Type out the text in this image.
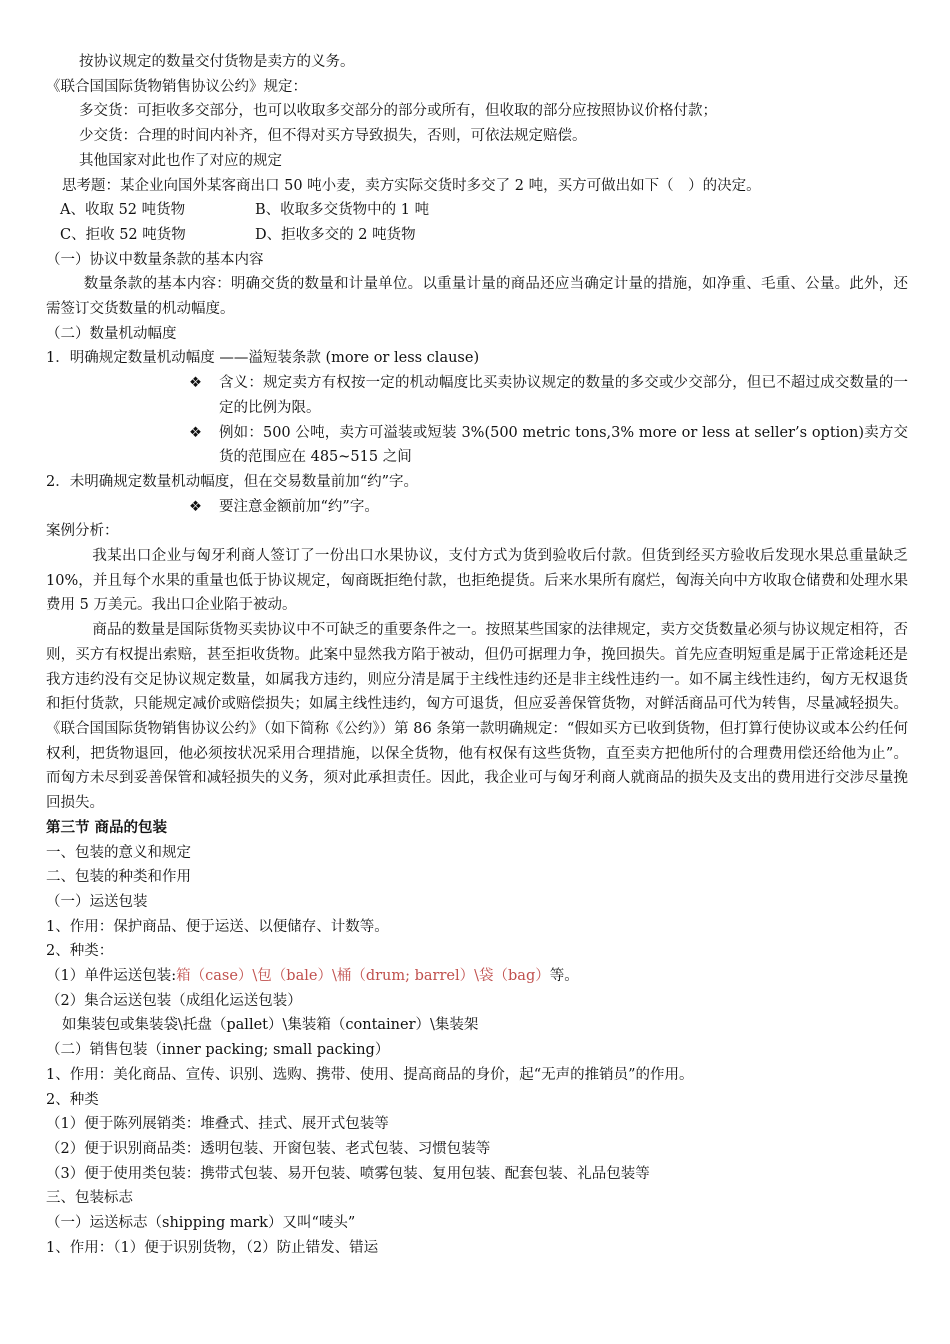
按协议规定的数量交付货物是卖方的义务。
《联合国国际货物销售协议公约》规定：
多交货：可拒收多交部分，也可以收取多交部分的部分或所有，但收取的部分应按照协议价格付款；
少交货：合理的时间内补齐，但不得对买方导致损失，否则，可依法规定赔偿。
其他国家对此也作了对应的规定
思考题：某企业向国外某客商出口 50 吨小麦，卖方实际交货时多交了 2 吨，买方可做出如下（　）的决定。
A、收取 52 吨货物	B、收取多交货物中的 1 吨
C、拒收 52 吨货物	D、拒收多交的 2 吨货物
（一）协议中数量条款的基本内容
数量条款的基本内容：明确交货的数量和计量单位。以重量计量的商品还应当确定计量的措施，如净重、毛重、公量。此外，还需签订交货数量的机动幅度。
（二）数量机动幅度
1．明确规定数量机动幅度 ——溢短装条款 (more or less clause)
❖	含义：规定卖方有权按一定的机动幅度比买卖协议规定的数量的多交或少交部分，但已不超过成交数量的一定的比例为限。
❖	例如：500 公吨，卖方可溢装或短装 3%(500 metric tons,3% more or less at seller’s option)卖方交货的范围应在 485~515 之间
2．未明确规定数量机动幅度，但在交易数量前加“约”字。
❖	要注意金额前加“约”字。
案例分析：
我某出口企业与匈牙利商人签订了一份出口水果协议，支付方式为货到验收后付款。但货到经买方验收后发现水果总重量缺乏 10%，并且每个水果的重量也低于协议规定，匈商既拒绝付款，也拒绝提货。后来水果所有腐烂，匈海关向中方收取仓储费和处理水果费用 5 万美元。我出口企业陷于被动。
商品的数量是国际货物买卖协议中不可缺乏的重要条件之一。按照某些国家的法律规定，卖方交货数量必须与协议规定相符，否则，买方有权提出索赔，甚至拒收货物。此案中显然我方陷于被动，但仍可据理力争，挽回损失。首先应查明短重是属于正常途耗还是我方违约没有交足协议规定数量，如属我方违约，则应分清是属于主线性违约还是非主线性违约一。如不属主线性违约，匈方无权退货和拒付货款，只能规定减价或赔偿损失；如属主线性违约，匈方可退货，但应妥善保管货物，对鲜活商品可代为转售，尽量减轻损失。《联合国国际货物销售协议公约》（如下简称《公约》）第 86 条第一款明确规定：“假如买方已收到货物，但打算行使协议或本公约任何权利，把货物退回，他必须按状况采用合理措施，以保全货物，他有权保有这些货物，直至卖方把他所付的合理费用偿还给他为止”。而匈方未尽到妥善保管和减轻损失的义务，须对此承担责任。因此，我企业可与匈牙利商人就商品的损失及支出的费用进行交涉尽量挽回损失。
第三节 商品的包装
一、包装的意义和规定
二、包装的种类和作用
（一）运送包装
1、作用：保护商品、便于运送、以便储存、计数等。
2、种类：
（1）单件运送包装:箱（case）\包（bale）\桶（drum; barrel）\袋（bag）等。
（2）集合运送包装（成组化运送包装）
如集装包或集装袋\托盘（pallet）\集装箱（container）\集装架
（二）销售包装（inner packing; small packing）
1、作用：美化商品、宣传、识别、选购、携带、使用、提高商品的身价，起“无声的推销员”的作用。
2、种类
（1）便于陈列展销类：堆叠式、挂式、展开式包装等
（2）便于识别商品类：透明包装、开窗包装、老式包装、习惯包装等
（3）便于使用类包装：携带式包装、易开包装、喷雾包装、复用包装、配套包装、礼品包装等
三、包装标志
（一）运送标志（shipping mark）又叫“唛头”
1、作用：（1）便于识别货物，（2）防止错发、错运
